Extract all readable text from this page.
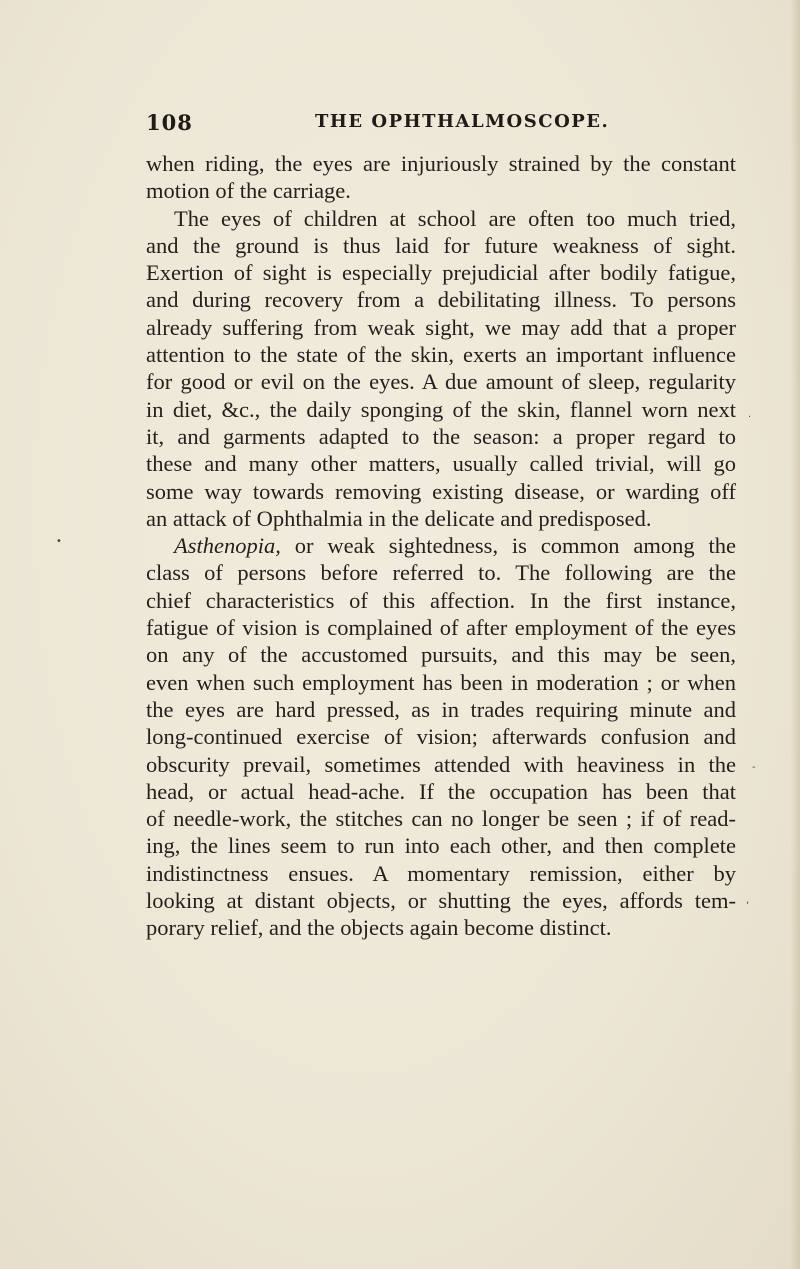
108	THE OPHTHALMOSCOPE.
when riding, the eyes are injuriously strained by the constant
motion of the carriage.
The eyes of children at school are often too much tried,
and the ground is thus laid for future weakness of sight.
Exertion of sight is especially prejudicial after bodily fatigue,
and during recovery from a debilitating illness. To persons
already suffering from weak sight, we may add that a proper
attention to the state of the skin, exerts an important influence
for good or evil on the eyes. A due amount of sleep, regularity
in diet, &c., the daily sponging of the skin, flannel worn next
it, and garments adapted to the season: a proper regard to
these and many other matters, usually called trivial, will go
some way towards removing existing disease, or warding off
an attack of Ophthalmia in the delicate and predisposed.
Asthenopia, or weak sightedness, is common among the
class of persons before referred to. The following are the
chief characteristics of this affection. In the first instance,
fatigue of vision is complained of after employment of the eyes
on any of the accustomed pursuits, and this may be seen,
even when such employment has been in moderation ; or when
the eyes are hard pressed, as in trades requiring minute and
long-continued exercise of vision; afterwards confusion and
obscurity prevail, sometimes attended with heaviness in the
head, or actual head-ache. If the occupation has been that
of needle-work, the stitches can no longer be seen ; if of read-
ing, the lines seem to run into each other, and then complete
indistinctness ensues. A momentary remission, either by
looking at distant objects, or shutting the eyes, affords tem-
porary relief, and the objects again become distinct.
·
•
-
,
